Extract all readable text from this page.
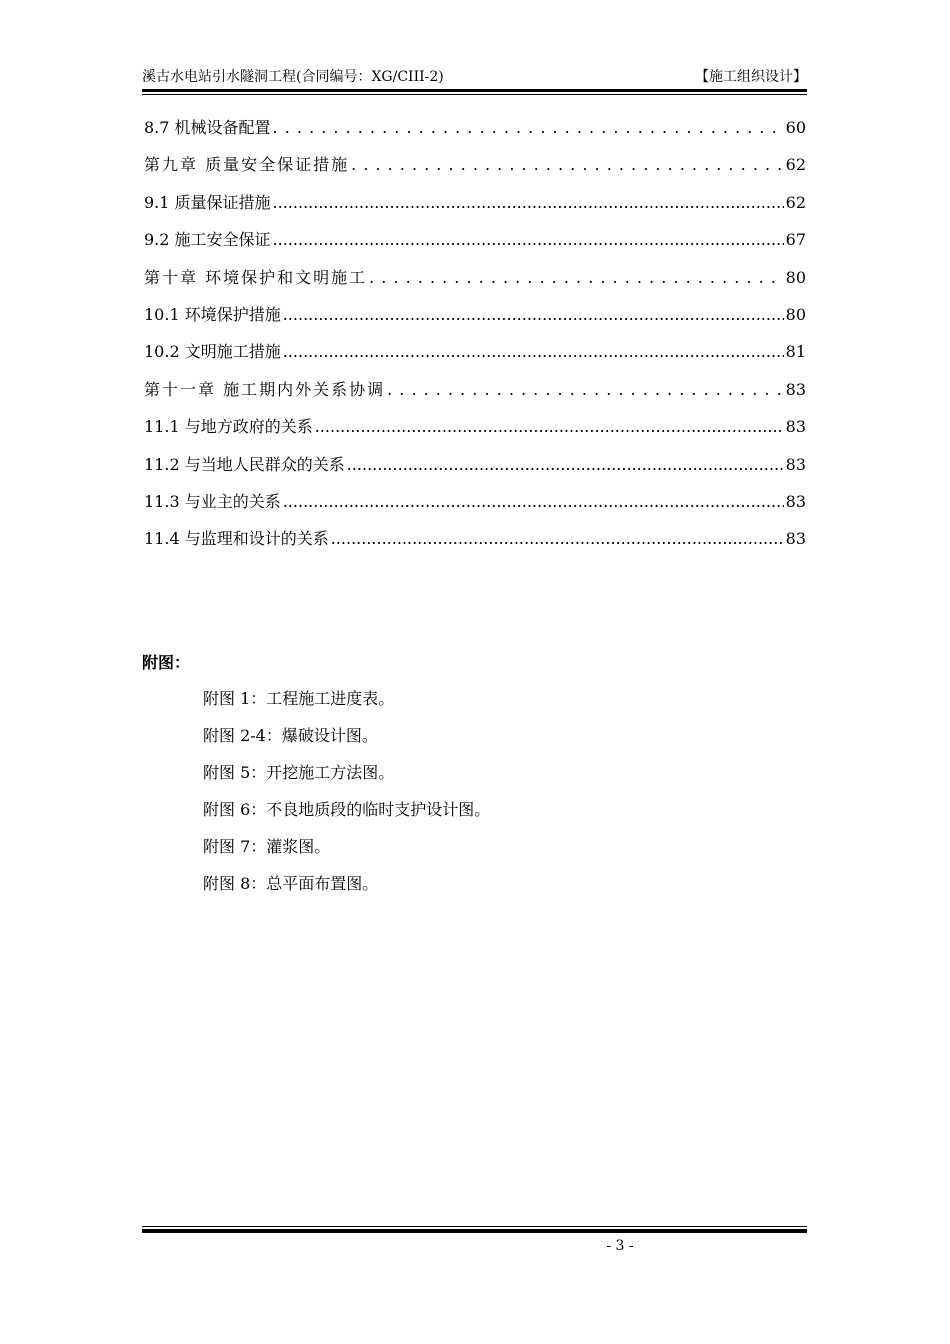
溪古水电站引水隧洞工程(合同编号：XG/CIII-2)	【施工组织设计】
8.7 机械设备配置 . . .	60
第九章 质量安全保证措施 . . .	62
9.1 质量保证措施 .....	62
9.2 施工安全保证 .....	67
第十章 环境保护和文明施工 . . .	80
10.1 环境保护措施 .....	80
10.2 文明施工措施 .....	81
第十一章 施工期内外关系协调 . . .	83
11.1 与地方政府的关系 .....	83
11.2 与当地人民群众的关系 .....	83
11.3 与业主的关系 .....	83
11.4 与监理和设计的关系 .....	83
附图：
附图 1：工程施工进度表。
附图 2-4：爆破设计图。
附图 5：开挖施工方法图。
附图 6：不良地质段的临时支护设计图。
附图 7：灌浆图。
附图 8：总平面布置图。
- 3 -
